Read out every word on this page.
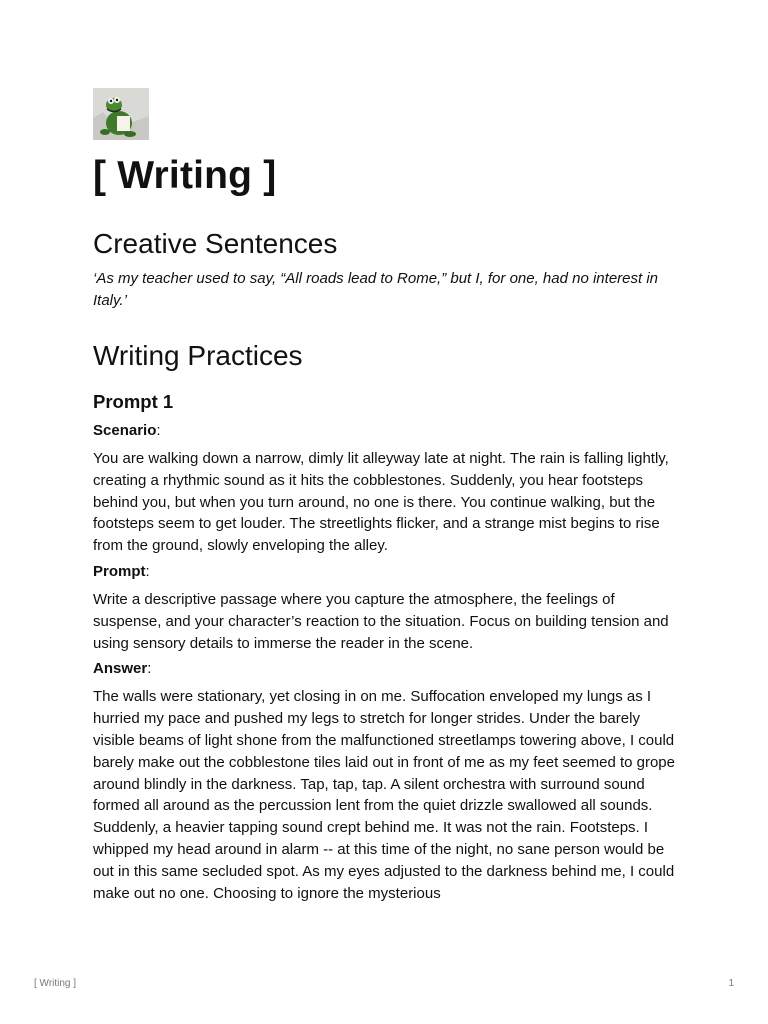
[ Writing ]
Creative Sentences

‘As my teacher used to say, “All roads lead to Rome,” but I, for one, had no interest in Italy.’

Writing Practices
Prompt 1

Scenario:

You are walking down a narrow, dimly lit alleyway late at night. The rain is falling lightly, creating a rhythmic sound as it hits the cobblestones. Suddenly, you hear footsteps behind you, but when you turn around, no one is there. You continue walking, but the footsteps seem to get louder. The streetlights flicker, and a strange mist begins to rise from the ground, slowly enveloping the alley.

Prompt:

Write a descriptive passage where you capture the atmosphere, the feelings of suspense, and your character’s reaction to the situation. Focus on building tension and using sensory details to immerse the reader in the scene.

Answer:

The walls were stationary, yet closing in on me. Suffocation enveloped my lungs as I hurried my pace and pushed my legs to stretch for longer strides. Under the barely visible beams of light shone from the malfunctioned streetlamps towering above, I could barely make out the cobblestone tiles laid out in front of me as my feet seemed to grope around blindly in the darkness. Tap, tap, tap. A silent orchestra with surround sound formed all around as the percussion lent from the quiet drizzle swallowed all sounds. Suddenly, a heavier tapping sound crept behind me. It was not the rain. Footsteps. I whipped my head around in alarm -- at this time of the night, no sane person would be out in this same secluded spot. As my eyes adjusted to the darkness behind me, I could make out no one. Choosing to ignore the mysterious

[ Writing ]	1
